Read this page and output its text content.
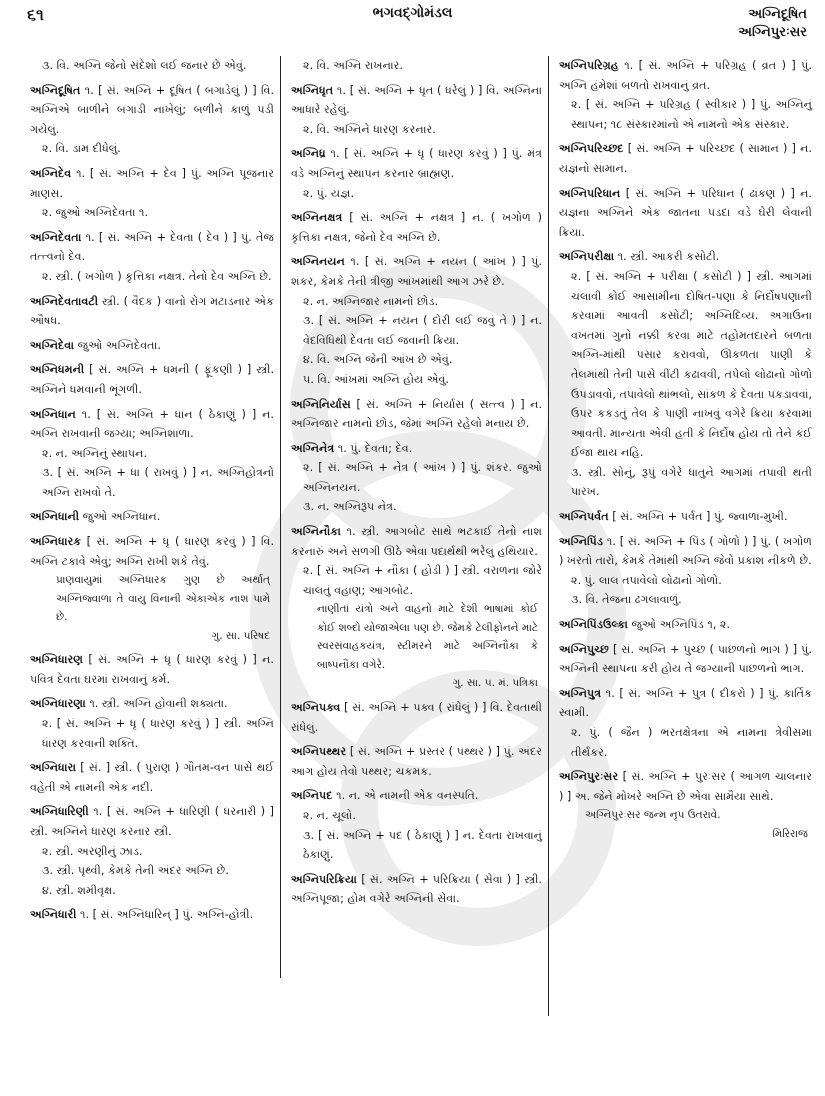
૬૧	ભગવદ્ગોમંડલ	અગ્નિદૂષિત
અગ્નિપુરઃસર
૩. વિ. અગ્નિ જેનો સંદેશો લઈ જનાર છે એવું.
અગ્નિદૂષિત ૧. [ સં. અગ્નિ + દૂષિત ( બગાડેલું ) ] વિ. અગ્નિએ બાળીને બગાડી નાખેલું; બળીને કાળું પડી ગયેલું.
૨. વિ. ડામ દીધેલું.
અગ્નિદેવ ૧. [ સં. અગ્નિ + દેવ ] પું. અગ્નિ પૂજનાર માણસ.
૨. જુઓ અગ્નિદેવતા ૧.
અગ્નિદેવતા ૧. [ સં. અગ્નિ + દેવતા ( દેવ ) ] પું. તેજ તત્ત્વનો દેવ.
૨. સ્ત્રી. ( ખગોળ ) કૃત્તિકા નક્ષત્ર. તેનો દેવ અગ્નિ છે.
અગ્નિદેવતાવટી સ્ત્રી. ( વૈદક ) વાનો રોગ મટાડનાર એક ઔષધ.
અગ્નિદેવા જુઓ અગ્નિદેવતા.
અગ્નિધમની [ સં. અગ્નિ + ધમની ( ફૂંકણી ) ] સ્ત્રી. અગ્નિને ધમવાની ભૂંગળી.
અગ્નિધાન ૧. [ સં. અગ્નિ + ધાન ( ઠેકાણું ) ] ન. અગ્નિ રાખવાની જગ્યા; અગ્નિશાળા.
૨. ન. અગ્નિનું સ્થાપન.
૩. [ સં. અગ્નિ + ધા ( રાખવું ) ] ન. અગ્નિહોત્રનો અગ્નિ રાખવો તે.
અગ્નિધાની જુઓ અગ્નિધાન.
અગ્નિધારક [ સં. અગ્નિ + ધૃ ( ધારણ કરવું ) ] વિ. અગ્નિ ટકાવે એવું; અગ્નિ રાખી શકે તેવું.
પ્રાણવાયુમાં અગ્નિધારક ગુણ છે અર્થાત્ અગ્નિજ્વાળા તે વાયુ વિનાની એકાએક નાશ પામે છે.
ગુ. સા. પરિષદ
અગ્નિધારણ [ સં. અગ્નિ + ધૃ ( ધારણ કરવું ) ] ન. પવિત્ર દેવતા ઘરમાં રાખવાનું કર્મ.
અગ્નિધારણા ૧. સ્ત્રી. અગ્નિ હોવાની શક્યતા.
૨. [ સં. અગ્નિ + ધૃ ( ધારણ કરવું ) ] સ્ત્રી. અગ્નિ ધારણ કરવાની શક્તિ.
અગ્નિધારા [ સં. ] સ્ત્રી. ( પુરાણ ) ગૌતમ-વન પાસે થઈ વહેતી એ નામની એક નદી.
અગ્નિધારિણી ૧. [ સં. અગ્નિ + ધારિણી ( ધરનારી ) ] સ્ત્રી. અગ્નિને ધારણ કરનાર સ્ત્રી.
૨. સ્ત્રી. અરણીનું ઝાડ.
૩. સ્ત્રી. પૃથ્વી, કેમકે તેની અંદર અગ્નિ છે.
૪. સ્ત્રી. શમીવૃક્ષ.
અગ્નિધારી ૧. [ સં. અગ્નિધારિન્ ] પું. અગ્નિ-હોત્રી.
૨. વિ. અગ્નિ રાખનાર.
અગ્નિધૃત ૧. [ સં. અગ્નિ + ધૃત ( ધરેલું ) ] વિ. અગ્નિના આધારે રહેલું.
૨. વિ. અગ્નિને ધારણ કરનાર.
અગ્નિધ્ર ૧. [ સં. અગ્નિ + ધૃ ( ધારણ કરવું ) ] પું. મંત્ર વડે અગ્નિનું સ્થાપન કરનાર બ્રાહ્મણ.
૨. પું. યજ્ઞ.
અગ્નિનક્ષત્ર [ સં. અગ્નિ + નક્ષત્ર ] ન. ( ખગોળ ) કૃત્તિકા નક્ષત્ર, જેનો દેવ અગ્નિ છે.
અગ્નિનયન ૧. [ સં. અગ્નિ + નયન ( આંખ ) ] પું. શંકર, કેમકે તેની ત્રીજી આંખમાંથી આગ ઝરે છે.
૨. ન. અગ્નિજાર નામનો છોડ.
૩. [ સં. અગ્નિ + નયન ( દોરી લઈ જવું તે ) ] ન. વેદવિધિથી દેવતા લઈ જવાની ક્રિયા.
૪. વિ. અગ્નિ જેની આંખ છે એવું.
૫. વિ. આંખમાં અગ્નિ હોય એવું.
અગ્નિનિર્યાસ [ સં. અગ્નિ + નિર્યાસ ( સત્ત્વ ) ] ન. અગ્નિજાર નામનો છોડ, જેમાં અગ્નિ રહેલો મનાય છે.
અગ્નિનેત્ર ૧. પું. દેવતા; દેવ.
૨. [ સં. અગ્નિ + નેત્ર ( આંખ ) ] પું. શંકર. જુઓ અગ્નિનયન.
૩. ન. અગ્નિરૂપ નેત્ર.
અગ્નિનૌકા ૧. સ્ત્રી. આગબોટ સાથે ભટકાઈ તેનો નાશ કરનારું અને સળગી ઊઠે એવા પદાર્થથી ભરેલું હથિયાર.
૨. [ સં. અગ્નિ + નૌકા ( હોડી ) ] સ્ત્રી. વરાળના જોરે ચાલતું વહાણ; આગબોટ.
નાણીતાં યંત્રો અને વાહનો માટે દેશી ભાષામાં કોઈ કોઈ શબ્દો યોજાએલા પણ છે. જેમકે ટેલીફોનને માટે સ્વરસંવાહકયંત્ર, સ્ટીમરને માટે અગ્નિનૌકા કે બાષ્પનૌકા વગેરે.
ગુ. સા. ૫. મં. પત્રિકા
અગ્નિપક્વ [ સં. અગ્નિ + પક્વ ( રાંધેલું ) ] વિ. દેવતાથી રાંધેલું.
અગ્નિપથ્થર [ સં. અગ્નિ + પ્રસ્તર ( પથ્થર ) ] પું. અંદર આગ હોય તેવો પથ્થર; ચકમક.
અગ્નિપદ ૧. ન. એ નામની એક વનસ્પતિ.
૨. ન. ચૂલો.
૩. [ સં. અગ્નિ + પદ ( ઠેકાણું ) ] ન. દેવતા રાખવાનું ઠેકાણું.
અગ્નિપરિક્રિયા [ સં. અગ્નિ + પરિક્રિયા ( સેવા ) ] સ્ત્રી. અગ્નિપૂજા; હોમ વગેરે અગ્નિની સેવા.
અગ્નિપરિગ્રહ ૧. [ સં. અગ્નિ + પરિગ્રહ ( વ્રત ) ] પું. અગ્નિ હંમેશાં બળતો રાખવાનું વ્રત.
૨. [ સં. અગ્નિ + પરિગ્રહ ( સ્વીકાર ) ] પું. અગ્નિનું સ્થાપન; ૧૮ સંસ્કારમાંનો એ નામનો એક સંસ્કાર.
અગ્નિપરિચ્છદ [ સં. અગ્નિ + પરિચ્છદ ( સામાન ) ] ન. યજ્ઞનો સામાન.
અગ્નિપરિધાન [ સં. અગ્નિ + પરિધાન ( ઢાંકણ ) ] ન. યજ્ઞના અગ્નિને એક જાતના પડદા વડે ઘેરી લેવાની ક્રિયા.
અગ્નિપરીક્ષા ૧. સ્ત્રી. આકરી કસોટી.
૨. [ સં. અગ્નિ + પરીક્ષા ( કસોટી ) ] સ્ત્રી. આગમાં ચલાવી કોઈ આસામીના દોષિત-પણા કે નિર્દોષપણાની કરવામાં આવતી કસોટી; અગ્નિદિવ્ય. અગાઉના વખતમાં ગુનો નક્કી કરવા માટે તહોમતદારને બળતા અગ્નિ-માંથી પસાર કરાવવો, ઊકળતા પાણી કે તેલમાંથી તેની પાસે વીંટી કઢાવવી, તપેલો લોઢાનો ગોળો ઉપડાવવો, તપાવેલો થાંભલો, સાંકળ કે દેવતા પકડાવવાં, ઉપર કકડતું તેલ કે પાણી નાખવું વગેરે ક્રિયા કરવામાં આવતી. માન્યતા એવી હતી કે નિર્દોષ હોય તો તેને કંઈ ઈજા થાય નહિ.
૩. સ્ત્રી. સોનું, રૂપું વગેરે ધાતુને આગમાં તપાવી થતી પારખ.
અગ્નિપર્વત [ સં. અગ્નિ + પર્વત ] પું. જ્વાળા-મુખી.
અગ્નિપિંડ ૧. [ સં. અગ્નિ + પિંડ ( ગોળો ) ] પું. ( ખગોળ ) ખરતો તારો, કેમકે તેમાંથી અગ્નિ જેવો પ્રકાશ નીકળે છે.
૨. પું. લાલ તપાવેલો લોઢાનો ગોળો.
૩. વિ. તેજના ઢગલાવાળું.
અગ્નિપિંડઉલ્કા જુઓ અગ્નિપિંડ ૧, ૨.
અગ્નિપુચ્છ [ સં. અગ્નિ + પુચ્છ ( પાછળનો ભાગ ) ] પું. અગ્નિની સ્થાપના કરી હોય તે જગ્યાની પાછળનો ભાગ.
અગ્નિપુત્ર ૧. [ સં. અગ્નિ + પુત્ર ( દીકરો ) ] પું. કાર્તિક સ્વામી.
૨. પું. ( જૈન ) ભરતક્ષેત્રના એ નામના ત્રેવીસમા તીર્થંકર.
અગ્નિપુરઃસર [ સં. અગ્નિ + પુરઃસર ( આગળ ચાલનાર ) ] અ. જેને મોખરે અગ્નિ છે એવા સામૈયા સાથે.
અગ્નિપુરઃસર જન્મ નૃપ ઉતરાવે.
મિરિરાજ
